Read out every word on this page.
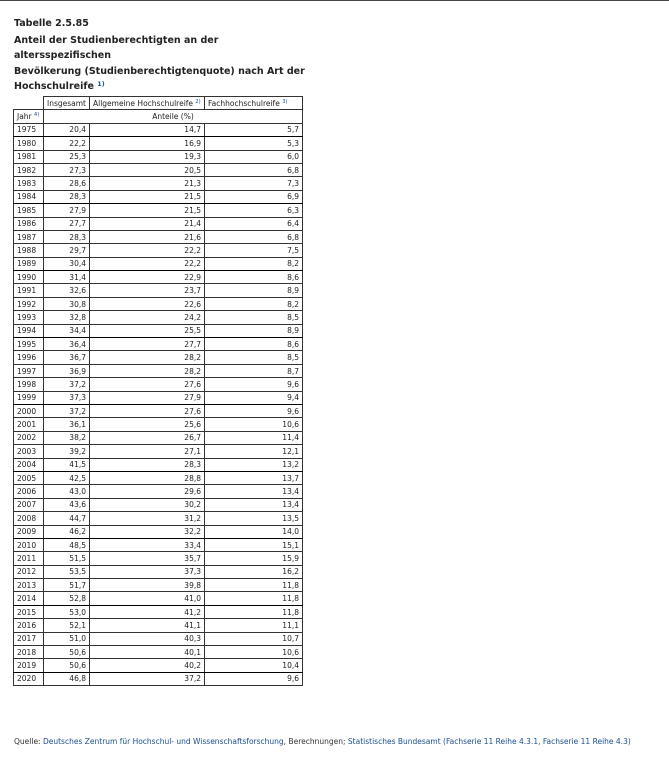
Tabelle 2.5.85
Anteil der Studienberechtigten an der altersspezifischen
Bevölkerung (Studienberechtigtenquote) nach Art der
Hochschulreife $^{1)}$
	Insgesamt	Allgemeine Hochschulreife $^{2)}$	Fachhochschulreife $^{3)}$
Jahr $^{4)}$	Anteile (%)		
1975	20,4	14,7	5,7
1980	22,2	16,9	5,3
1981	25,3	19,3	6,0
1982	27,3	20,5	6,8
1983	28,6	21,3	7,3
1984	28,3	21,5	6,9
1985	27,9	21,5	6,3
1986	27,7	21,4	6,4
1987	28,3	21,6	6,8
1988	29,7	22,2	7,5
1989	30,4	22,2	8,2
1990	31,4	22,9	8,6
1991	32,6	23,7	8,9
1992	30,8	22,6	8,2
1993	32,8	24,2	8,5
1994	34,4	25,5	8,9
1995	36,4	27,7	8,6
1996	36,7	28,2	8,5
1997	36,9	28,2	8,7
1998	37,2	27,6	9,6
1999	37,3	27,9	9,4
2000	37,2	27,6	9,6
2001	36,1	25,6	10,6
2002	38,2	26,7	11,4
2003	39,2	27,1	12,1
2004	41,5	28,3	13,2
2005	42,5	28,8	13,7
2006	43,0	29,6	13,4
2007	43,6	30,2	13,4
2008	44,7	31,2	13,5
2009	46,2	32,2	14,0
2010	48,5	33,4	15,1
2011	51,5	35,7	15,9
2012	53,5	37,3	16,2
2013	51,7	39,8	11,8
2014	52,8	41,0	11,8
2015	53,0	41,2	11,8
2016	52,1	41,1	11,1
2017	51,0	40,3	10,7
2018	50,6	40,1	10,6
2019	50,6	40,2	10,4
2020	46,8	37,2	9,6
Quelle: Deutsches Zentrum für Hochschul- und Wissenschaftsforschung, Berechnungen; Statistisches Bundesamt (Fachserie 11 Reihe 4.3.1, Fachserie 11 Reihe 4.3)
